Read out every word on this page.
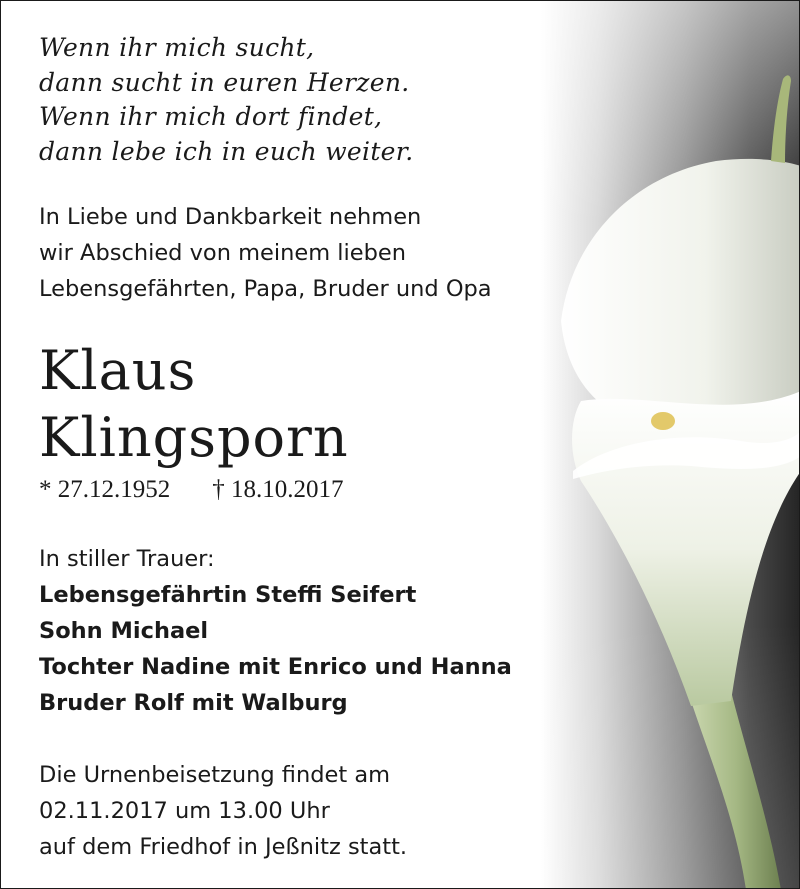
Wenn ihr mich sucht,
dann sucht in euren Herzen.
Wenn ihr mich dort findet,
dann lebe ich in euch weiter.
In Liebe und Dankbarkeit nehmen
wir Abschied von meinem lieben
Lebensgefährten, Papa, Bruder und Opa
Klaus
Klingsporn
* 27.12.1952 † 18.10.2017
In stiller Trauer:
Lebensgefährtin Steffi Seifert
Sohn Michael
Tochter Nadine mit Enrico und Hanna
Bruder Rolf mit Walburg
Die Urnenbeisetzung findet am
02.11.2017 um 13.00 Uhr
auf dem Friedhof in Jeßnitz statt.
